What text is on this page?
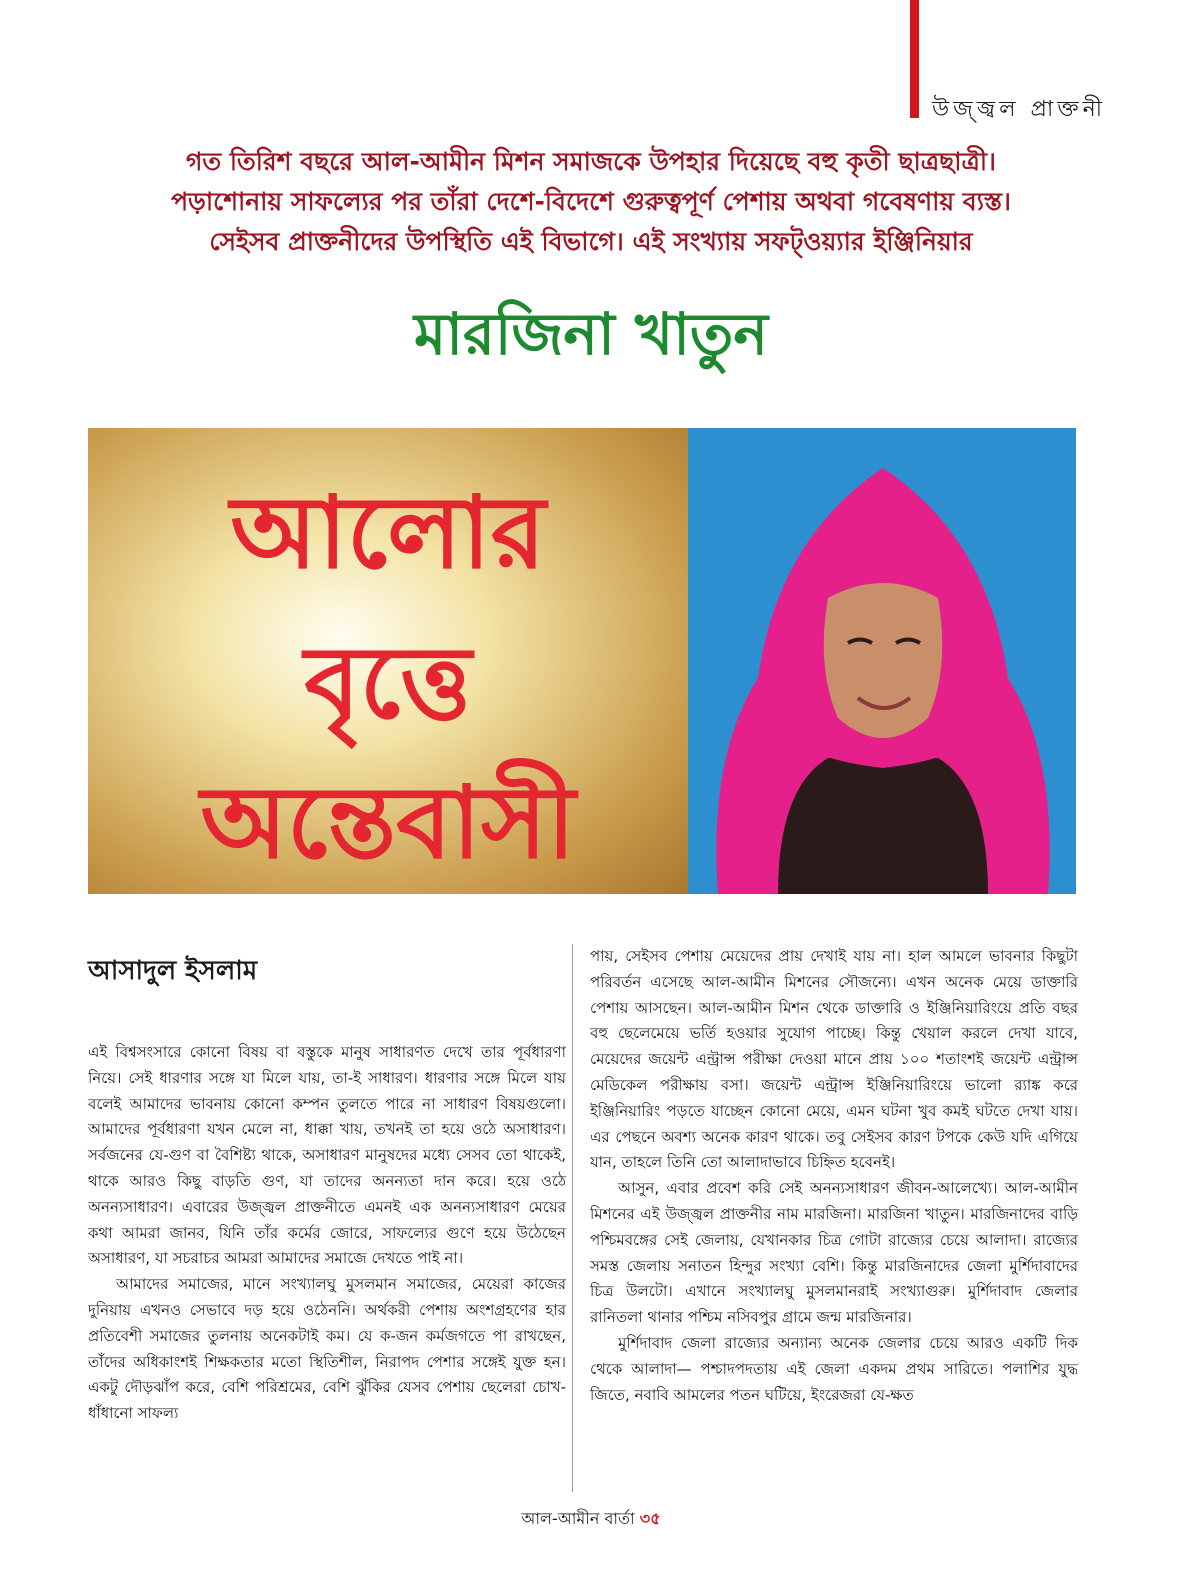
উজ্জ্বল প্রাক্তনী
গত তিরিশ বছরে আল-আমীন মিশন সমাজকে উপহার দিয়েছে বহু কৃতী ছাত্রছাত্রী।
পড়াশোনায় সাফল্যের পর তাঁরা দেশে-বিদেশে গুরুত্বপূর্ণ পেশায় অথবা গবেষণায় ব্যস্ত।
সেইসব প্রাক্তনীদের উপস্থিতি এই বিভাগে। এই সংখ্যায় সফট্‌ওয়্যার ইঞ্জিনিয়ার
মারজিনা খাতুন
আলোর
বৃত্তে
অন্তেবাসী
আসাদুল ইসলাম

এই বিশ্বসংসারে কোনো বিষয় বা বস্তুকে মানুষ সাধারণত দেখে তার পূর্বধারণা নিয়ে। সেই ধারণার সঙ্গে যা মিলে যায়, তা-ই সাধারণ। ধারণার সঙ্গে মিলে যায় বলেই আমাদের ভাবনায় কোনো কম্পন তুলতে পারে না সাধারণ বিষয়গুলো। আমাদের পূর্বধারণা যখন মেলে না, ধাক্কা খায়, তখনই তা হয়ে ওঠে অসাধারণ। সর্বজনের যে-গুণ বা বৈশিষ্ট্য থাকে, অসাধারণ মানুষদের মধ্যে সেসব তো থাকেই, থাকে আরও কিছু বাড়তি গুণ, যা তাদের অনন্যতা দান করে। হয়ে ওঠে অনন্যসাধারণ। এবারের উজ্জ্বল প্রাক্তনীতে এমনই এক অনন্যসাধারণ মেয়ের কথা আমরা জানব, যিনি তাঁর কর্মের জোরে, সাফল্যের গুণে হয়ে উঠেছেন অসাধারণ, যা সচরাচর আমরা আমাদের সমাজে দেখতে পাই না।

আমাদের সমাজের, মানে সংখ্যালঘু মুসলমান সমাজের, মেয়েরা কাজের দুনিয়ায় এখনও সেভাবে দড় হয়ে ওঠেননি। অর্থকরী পেশায় অংশগ্রহণের হার প্রতিবেশী সমাজের তুলনায় অনেকটাই কম। যে ক-জন কর্মজগতে পা রাখছেন, তাঁদের অধিকাংশই শিক্ষকতার মতো স্থিতিশীল, নিরাপদ পেশার সঙ্গেই যুক্ত হন। একটু দৌড়ঝাঁপ করে, বেশি পরিশ্রমের, বেশি ঝুঁকির যেসব পেশায় ছেলেরা চোখ-ধাঁধানো সাফল্য

পায়, সেইসব পেশায় মেয়েদের প্রায় দেখাই যায় না। হাল আমলে ভাবনার কিছুটা পরিবর্তন এসেছে আল-আমীন মিশনের সৌজন্যে। এখন অনেক মেয়ে ডাক্তারি পেশায় আসছেন। আল-আমীন মিশন থেকে ডাক্তারি ও ইঞ্জিনিয়ারিংয়ে প্রতি বছর বহু ছেলেমেয়ে ভর্তি হওয়ার সুযোগ পাচ্ছে। কিন্তু খেয়াল করলে দেখা যাবে, মেয়েদের জয়েন্ট এন্ট্রান্স পরীক্ষা দেওয়া মানে প্রায় ১০০ শতাংশই জয়েন্ট এন্ট্রান্স মেডিকেল পরীক্ষায় বসা। জয়েন্ট এন্ট্রান্স ইঞ্জিনিয়ারিংয়ে ভালো র‍্যাঙ্ক করে ইঞ্জিনিয়ারিং পড়তে যাচ্ছেন কোনো মেয়ে, এমন ঘটনা খুব কমই ঘটতে দেখা যায়। এর পেছনে অবশ্য অনেক কারণ থাকে। তবু সেইসব কারণ টপকে কেউ যদি এগিয়ে যান, তাহলে তিনি তো আলাদাভাবে চিহ্নিত হবেনই।

আসুন, এবার প্রবেশ করি সেই অনন্যসাধারণ জীবন-আলেখ্যে। আল-আমীন মিশনের এই উজ্জ্বল প্রাক্তনীর নাম মারজিনা। মারজিনা খাতুন। মারজিনাদের বাড়ি পশ্চিমবঙ্গের সেই জেলায়, যেখানকার চিত্র গোটা রাজ্যের চেয়ে আলাদা। রাজ্যের সমস্ত জেলায় সনাতন হিন্দুর সংখ্যা বেশি। কিন্তু মারজিনাদের জেলা মুর্শিদাবাদের চিত্র উলটো। এখানে সংখ্যালঘু মুসলমানরাই সংখ্যাগুরু। মুর্শিদাবাদ জেলার রানিতলা থানার পশ্চিম নসিবপুর গ্রামে জন্ম মারজিনার।

মুর্শিদাবাদ জেলা রাজ্যের অন্যান্য অনেক জেলার চেয়ে আরও একটি দিক থেকে আলাদা— পশ্চাদপদতায় এই জেলা একদম প্রথম সারিতে। পলাশির যুদ্ধ জিতে, নবাবি আমলের পতন ঘটিয়ে, ইংরেজরা যে-ক্ষত

আল-আমীন বার্তা ৩৫
